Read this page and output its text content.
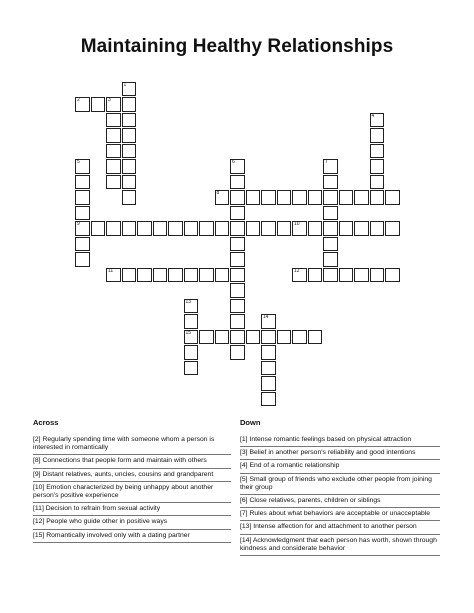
Maintaining Healthy Relationships
2	3
1
4
5
9
6	7
8
10
11	12
13
15
14
Across
[2] Regularly spending time with someone whom a person is interested in romantically
[8] Connections that people form and maintain with others
[9] Distant relatives, aunts, uncles, cousins and grandparent
[10] Emotion characterized by being unhappy about another person's positive experience
[11] Decision to refrain from sexual activity
[12] People who guide other in positive ways
[15] Romantically involved only with a dating partner
Down
[1] Intense romantic feelings based on physical attraction
[3] Belief in another person's reliability and good intentions
[4] End of a romantic relationship
[5] Small group of friends who exclude other people from joining their group
[6] Close relatives, parents, children or siblings
[7] Rules about what behaviors are acceptable or unacceptable
[13] Intense affection for and attachment to another person
[14] Acknowledgment that each person has worth, shown through kindness and considerate behavior
